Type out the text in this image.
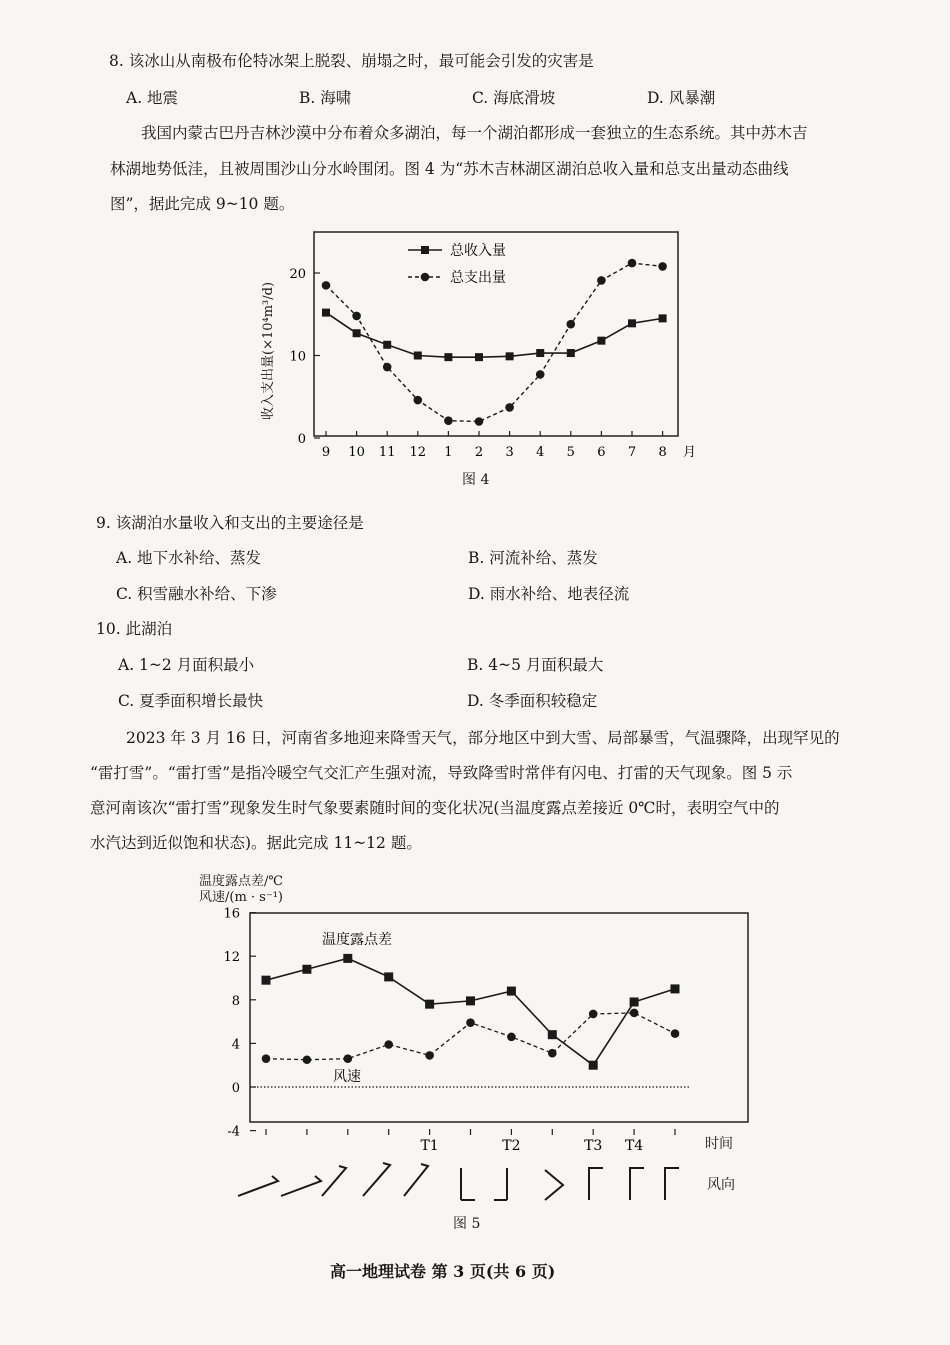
8. 该冰山从南极布伦特冰架上脱裂、崩塌之时，最可能会引发的灾害是
A. 地震	B. 海啸	C. 海底滑坡	D. 风暴潮
我国内蒙古巴丹吉林沙漠中分布着众多湖泊，每一个湖泊都形成一套独立的生态系统。其中苏木吉
林湖地势低洼，且被周围沙山分水岭围闭。图 4 为“苏木吉林湖区湖泊总收入量和总支出量动态曲线
图”，据此完成 9~10 题。
0
10
20
9 10 11 12 1 2 3 4 5 6 7 8 月
总收入量
总支出量
收入支出量(×10⁴m³/d)
图 4
9. 该湖泊水量收入和支出的主要途径是
A. 地下水补给、蒸发	B. 河流补给、蒸发
C. 积雪融水补给、下渗	D. 雨水补给、地表径流
10. 此湖泊
A. 1~2 月面积最小	B. 4~5 月面积最大
C. 夏季面积增长最快	D. 冬季面积较稳定
2023 年 3 月 16 日，河南省多地迎来降雪天气，部分地区中到大雪、局部暴雪，气温骤降，出现罕见的
“雷打雪”。“雷打雪”是指冷暖空气交汇产生强对流，导致降雪时常伴有闪电、打雷的天气现象。图 5 示
意河南该次“雷打雪”现象发生时气象要素随时间的变化状况(当温度露点差接近 0℃时，表明空气中的
水汽达到近似饱和状态)。据此完成 11~12 题。
温度露点差/℃
风速/(m · s⁻¹)
16
12
8
4
0
-4
风速
T1	T2	T3 T4
温度露点差
时间
风向
图 5
高一地理试卷 第 3 页(共 6 页)
